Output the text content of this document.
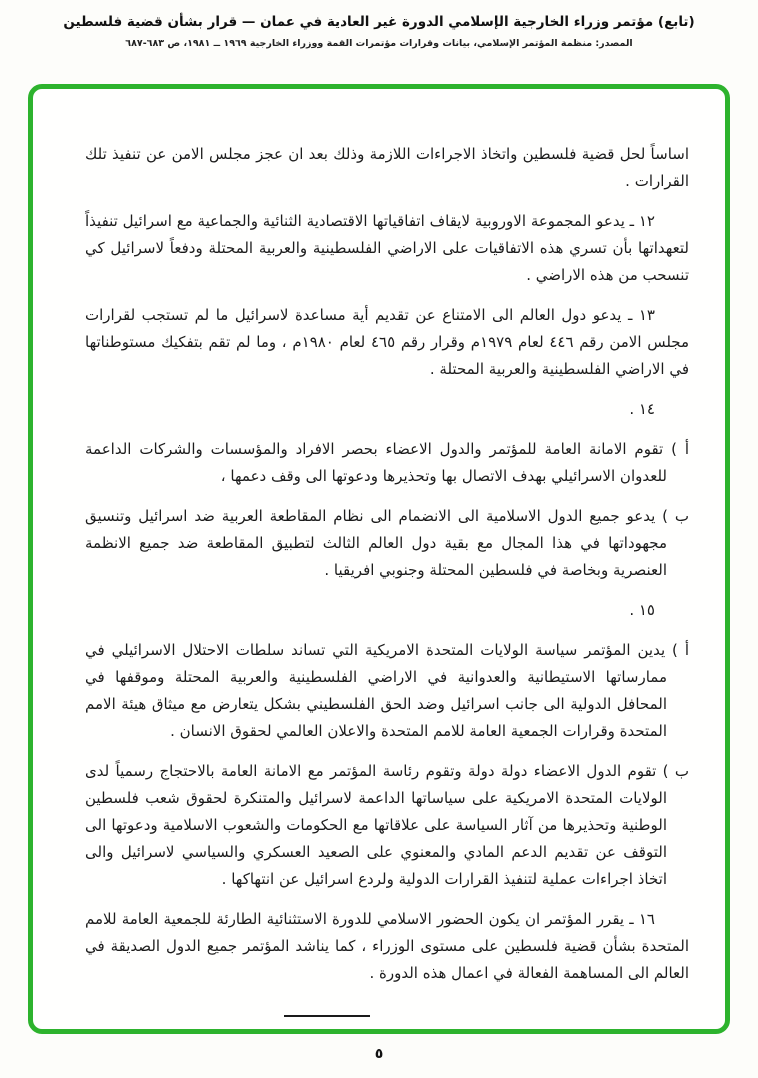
(تابع) مؤتمر وزراء الخارجية الإسلامي الدورة غير العادية في عمان — قرار بشأن قضية فلسطين
المصدر: منظمة المؤتمر الإسلامي، بيانات وقرارات مؤتمرات القمة ووزراء الخارجية ١٩٦٩ ــ ١٩٨١، ص ٦٨٣-٦٨٧

اساساً لحل قضية فلسطين واتخاذ الاجراءات اللازمة وذلك بعد ان عجز مجلس الامن عن تنفيذ تلك القرارات .

١٢ ـ يدعو المجموعة الاوروبية لايقاف اتفاقياتها الاقتصادية الثنائية والجماعية مع اسرائيل تنفيذاً لتعهداتها بأن تسري هذه الاتفاقيات على الاراضي الفلسطينية والعربية المحتلة ودفعاً لاسرائيل كي تنسحب من هذه الاراضي .

١٣ ـ يدعو دول العالم الى الامتناع عن تقديم أية مساعدة لاسرائيل ما لم تستجب لقرارات مجلس الامن رقم ٤٤٦ لعام ١٩٧٩م وقرار رقم ٤٦٥ لعام ١٩٨٠م ، وما لم تقم بتفكيك مستوطناتها في الاراضي الفلسطينية والعربية المحتلة .

١٤ .

أ ) تقوم الامانة العامة للمؤتمر والدول الاعضاء بحصر الافراد والمؤسسات والشركات الداعمة للعدوان الاسرائيلي بهدف الاتصال بها وتحذيرها ودعوتها الى وقف دعمها ،

ب ) يدعو جميع الدول الاسلامية الى الانضمام الى نظام المقاطعة العربية ضد اسرائيل وتنسيق مجهوداتها في هذا المجال مع بقية دول العالم الثالث لتطبيق المقاطعة ضد جميع الانظمة العنصرية وبخاصة في فلسطين المحتلة وجنوبي افريقيا .

١٥ .

أ ) يدين المؤتمر سياسة الولايات المتحدة الامريكية التي تساند سلطات الاحتلال الاسرائيلي في ممارساتها الاستيطانية والعدوانية في الاراضي الفلسطينية والعربية المحتلة وموقفها في المحافل الدولية الى جانب اسرائيل وضد الحق الفلسطيني بشكل يتعارض مع ميثاق هيئة الامم المتحدة وقرارات الجمعية العامة للامم المتحدة والاعلان العالمي لحقوق الانسان .

ب ) تقوم الدول الاعضاء دولة دولة وتقوم رئاسة المؤتمر مع الامانة العامة بالاحتجاج رسمياً لدى الولايات المتحدة الامريكية على سياساتها الداعمة لاسرائيل والمتنكرة لحقوق شعب فلسطين الوطنية وتحذيرها من آثار السياسة على علاقاتها مع الحكومات والشعوب الاسلامية ودعوتها الى التوقف عن تقديم الدعم المادي والمعنوي على الصعيد العسكري والسياسي لاسرائيل والى اتخاذ اجراءات عملية لتنفيذ القرارات الدولية ولردع اسرائيل عن انتهاكها .

١٦ ـ يقرر المؤتمر ان يكون الحضور الاسلامي للدورة الاستثنائية الطارئة للجمعية العامة للامم المتحدة بشأن قضية فلسطين على مستوى الوزراء ، كما يناشد المؤتمر جميع الدول الصديقة في العالم الى المساهمة الفعالة في اعمال هذه الدورة .

٥
